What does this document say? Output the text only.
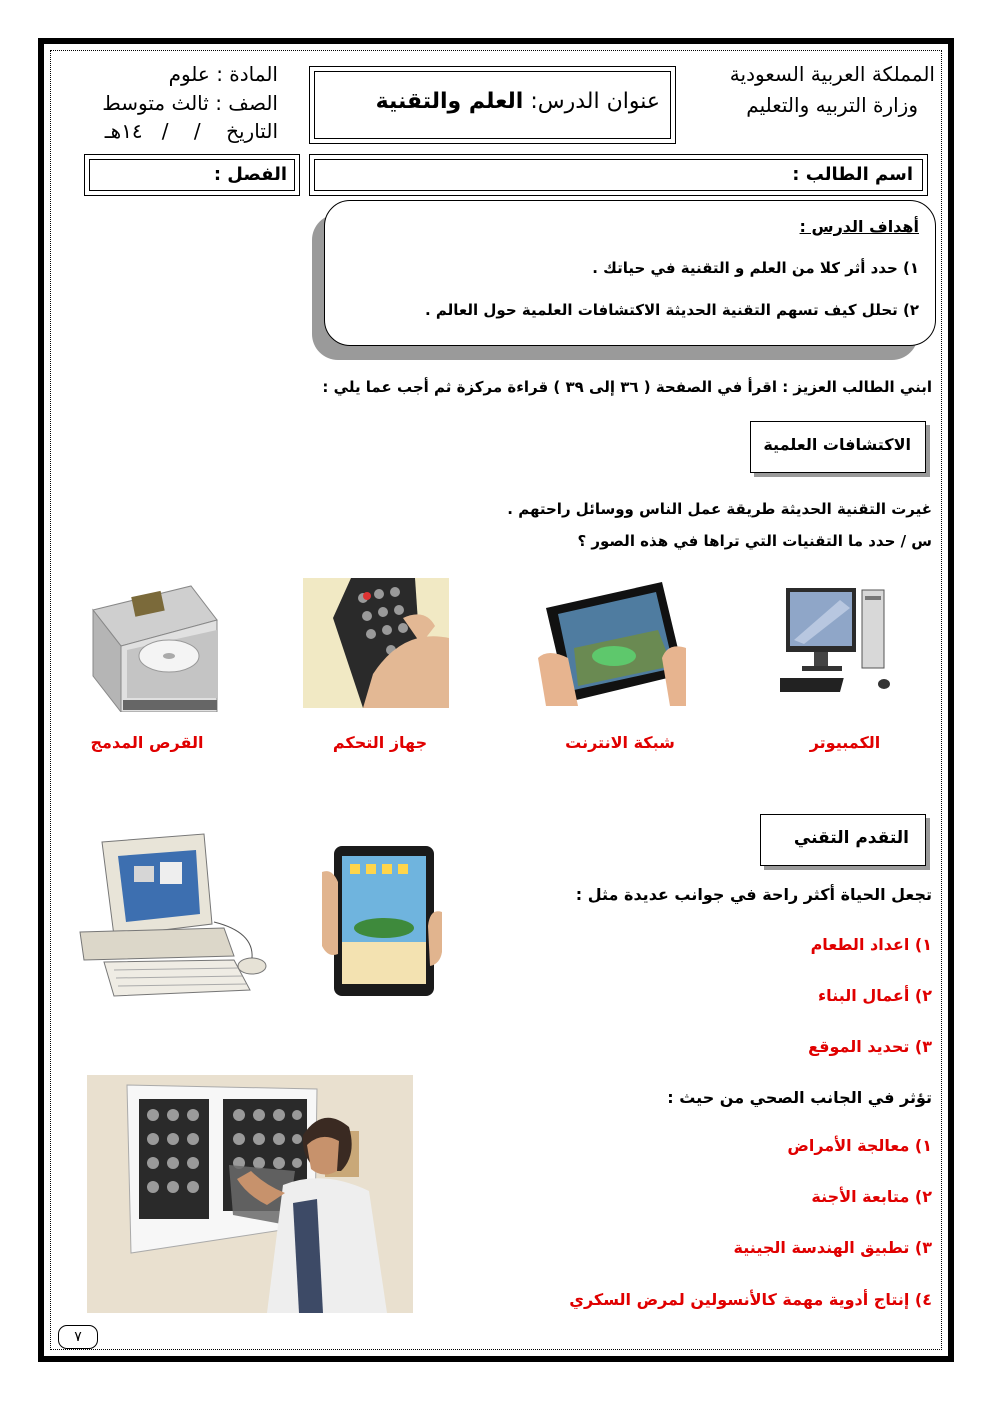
المملكة العربية السعودية
وزارة التربيه والتعليم
المادة : علوم
الصف : ثالث متوسط
التاريخ    /    /   ١٤هـ
عنوان الدرس: العلم والتقنية
اسم الطالب :
الفصل :
أهداف الدرس :
١) حدد أثر كلا من العلم و التقنية في حياتك .
٢) تحلل كيف تسهم التقنية الحديثة الاكتشافات العلمية حول العالم .
ابني الطالب العزيز : اقرأ في الصفحة ( ٣٦ إلى ٣٩ ) قراءة مركزة ثم أجب عما يلي :
الاكتشافات العلمية
غيرت التقنية الحديثة طريقة عمل الناس ووسائل راحتهم .
س / حدد ما التقنيات التي تراها في هذه الصور ؟
الكمبيوتر
شبكة الانترنت
جهاز التحكم
القرص المدمج
التقدم التقني
تجعل الحياة أكثر راحة في جوانب عديدة مثل :
١) اعداد الطعام
٢) أعمال البناء
٣) تحديد الموقع
تؤثر في الجانب الصحي من حيث :
١) معالجة الأمراض
٢) متابعة الأجنة
٣) تطبيق الهندسة الجينية
٤) إنتاج أدوية مهمة كالأنسولين لمرض السكري
٧
